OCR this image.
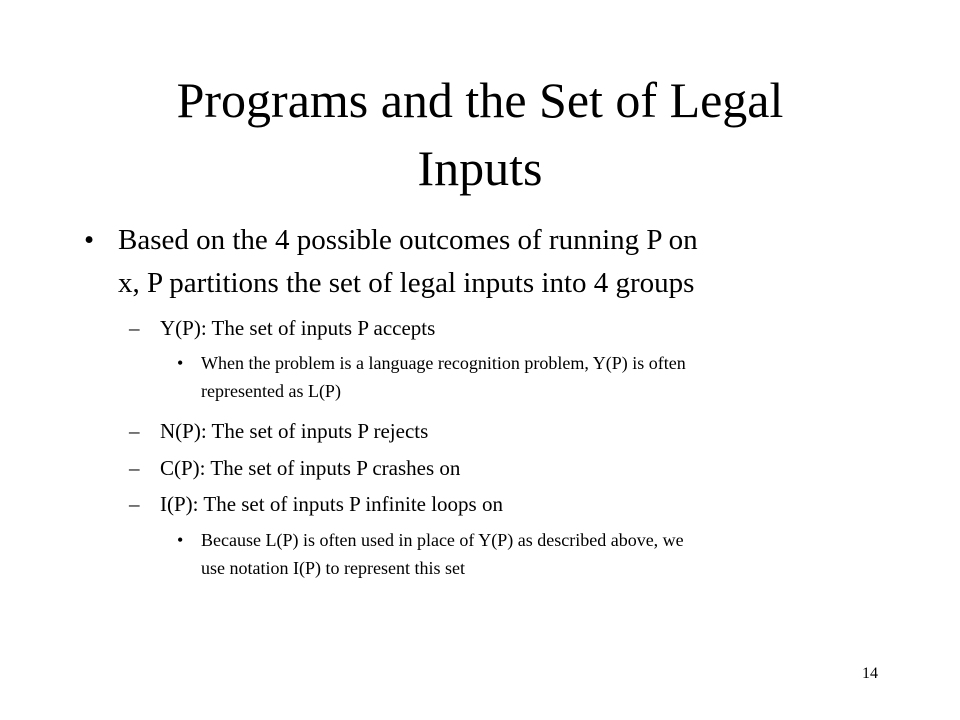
Programs and the Set of Legal
Inputs
• Based on the 4 possible outcomes of running P on
x, P partitions the set of legal inputs into 4 groups
– Y(P): The set of inputs P accepts
• When the problem is a language recognition problem, Y(P) is often
represented as L(P)
– N(P): The set of inputs P rejects
– C(P): The set of inputs P crashes on
– I(P): The set of inputs P infinite loops on
• Because L(P) is often used in place of Y(P) as described above, we
use notation I(P) to represent this set
14
